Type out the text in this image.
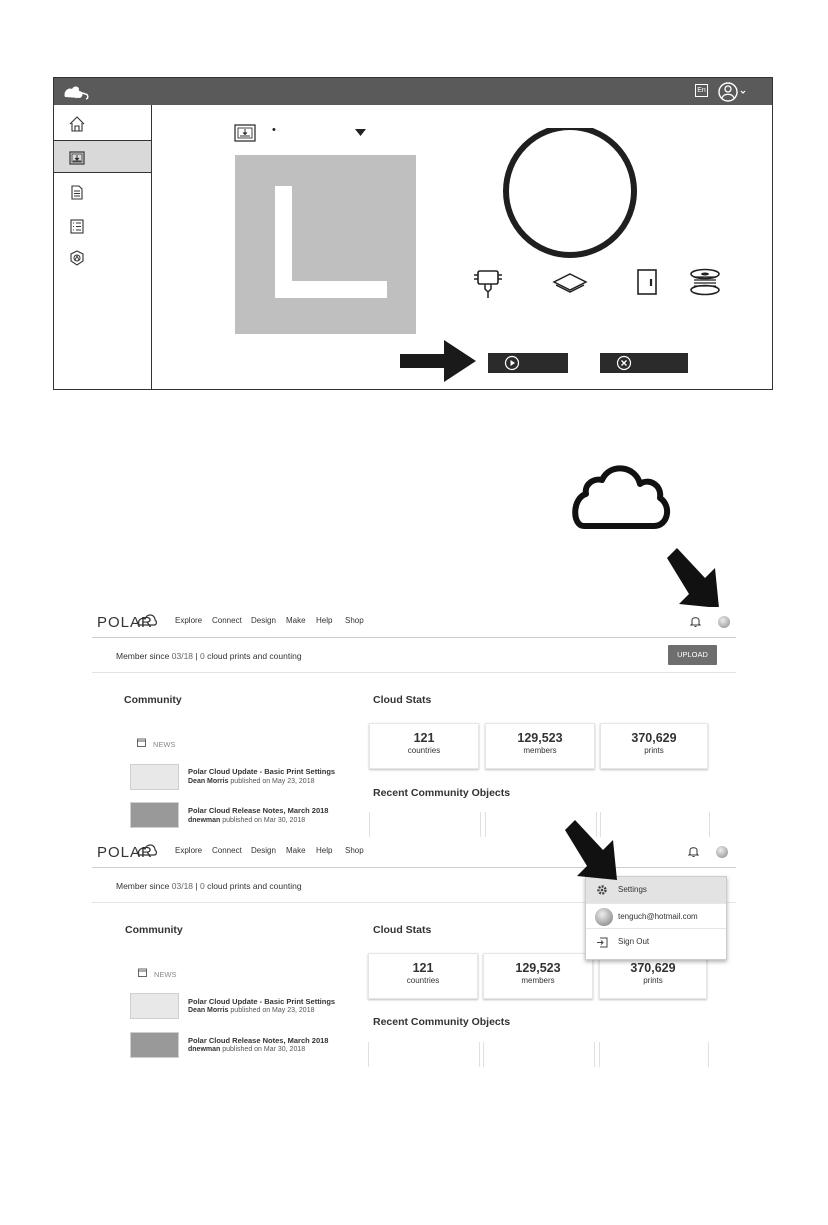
En
•
POLAR	Explore Connect Design Make Help Shop
Member since 03/18 | 0 cloud prints and counting	UPLOAD
Community	Cloud Stats
121
countries
129,523
members
370,629
prints
Recent Community Objects
NEWS
Polar Cloud Update - Basic Print Settings
Dean Morris published on May 23, 2018
Polar Cloud Release Notes, March 2018
dnewman published on Mar 30, 2018
POLAR	Explore Connect Design Make Help Shop
Member since 03/18 | 0 cloud prints and counting
Community	Cloud Stats
121
countries
129,523
members
370,629
prints
Recent Community Objects
NEWS
Polar Cloud Update - Basic Print Settings
Dean Morris published on May 23, 2018
Polar Cloud Release Notes, March 2018
dnewman published on Mar 30, 2018
Settings
tenguch@hotmail.com
Sign Out
